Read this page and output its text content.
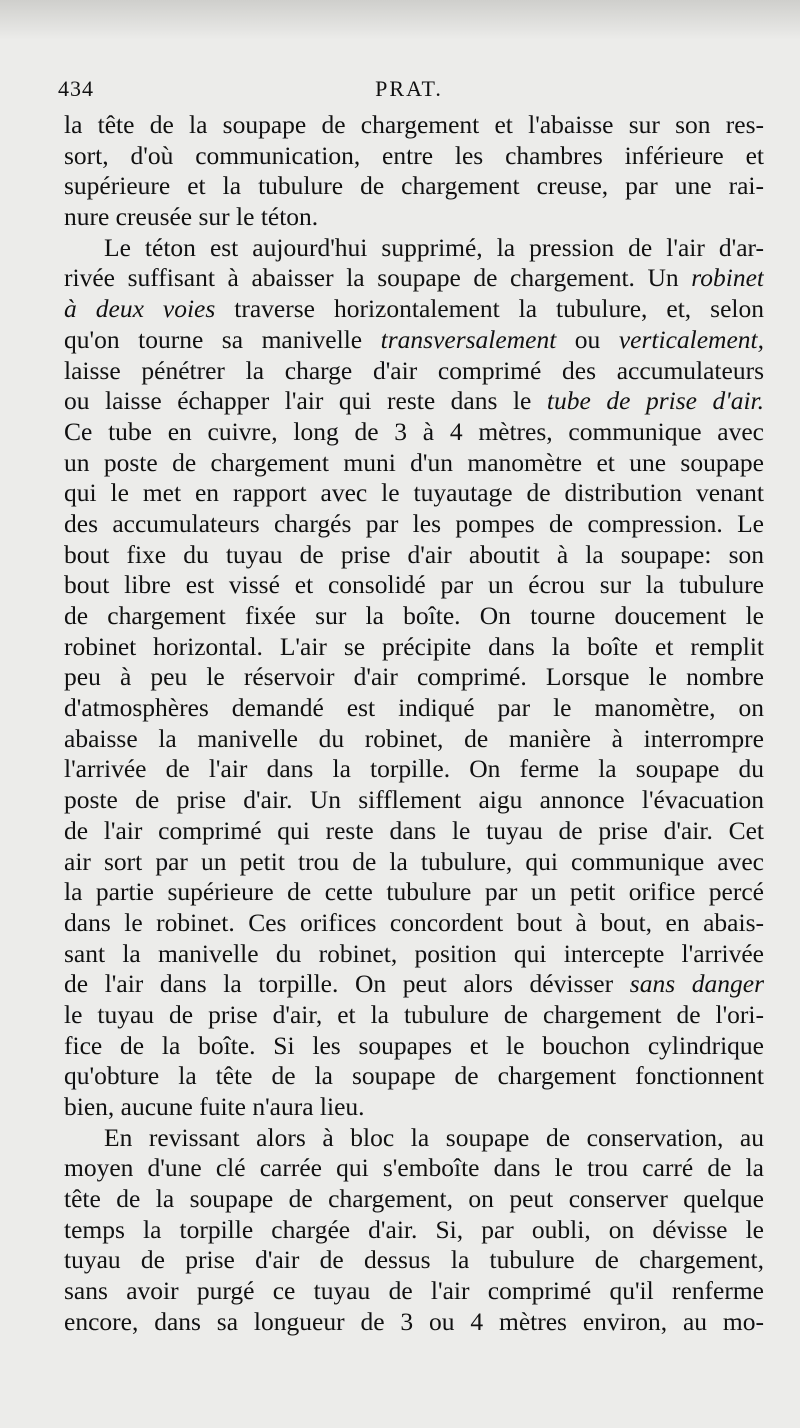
434	PRAT.
la tête de la soupape de chargement et l'abaisse sur son res-
sort, d'où communication, entre les chambres inférieure et
supérieure et la tubulure de chargement creuse, par une rai-
nure creusée sur le téton.
Le téton est aujourd'hui supprimé, la pression de l'air d'ar-
rivée suffisant à abaisser la soupape de chargement. Un robinet
à deux voies traverse horizontalement la tubulure, et, selon
qu'on tourne sa manivelle transversalement ou verticalement,
laisse pénétrer la charge d'air comprimé des accumulateurs
ou laisse échapper l'air qui reste dans le tube de prise d'air.
Ce tube en cuivre, long de 3 à 4 mètres, communique avec
un poste de chargement muni d'un manomètre et une soupape
qui le met en rapport avec le tuyautage de distribution venant
des accumulateurs chargés par les pompes de compression. Le
bout fixe du tuyau de prise d'air aboutit à la soupape: son
bout libre est vissé et consolidé par un écrou sur la tubulure
de chargement fixée sur la boîte. On tourne doucement le
robinet horizontal. L'air se précipite dans la boîte et remplit
peu à peu le réservoir d'air comprimé. Lorsque le nombre
d'atmosphères demandé est indiqué par le manomètre, on
abaisse la manivelle du robinet, de manière à interrompre
l'arrivée de l'air dans la torpille. On ferme la soupape du
poste de prise d'air. Un sifflement aigu annonce l'évacuation
de l'air comprimé qui reste dans le tuyau de prise d'air. Cet
air sort par un petit trou de la tubulure, qui communique avec
la partie supérieure de cette tubulure par un petit orifice percé
dans le robinet. Ces orifices concordent bout à bout, en abais-
sant la manivelle du robinet, position qui intercepte l'arrivée
de l'air dans la torpille. On peut alors dévisser sans danger
le tuyau de prise d'air, et la tubulure de chargement de l'ori-
fice de la boîte. Si les soupapes et le bouchon cylindrique
qu'obture la tête de la soupape de chargement fonctionnent
bien, aucune fuite n'aura lieu.
En revissant alors à bloc la soupape de conservation, au
moyen d'une clé carrée qui s'emboîte dans le trou carré de la
tête de la soupape de chargement, on peut conserver quelque
temps la torpille chargée d'air. Si, par oubli, on dévisse le
tuyau de prise d'air de dessus la tubulure de chargement,
sans avoir purgé ce tuyau de l'air comprimé qu'il renferme
encore, dans sa longueur de 3 ou 4 mètres environ, au mo-
